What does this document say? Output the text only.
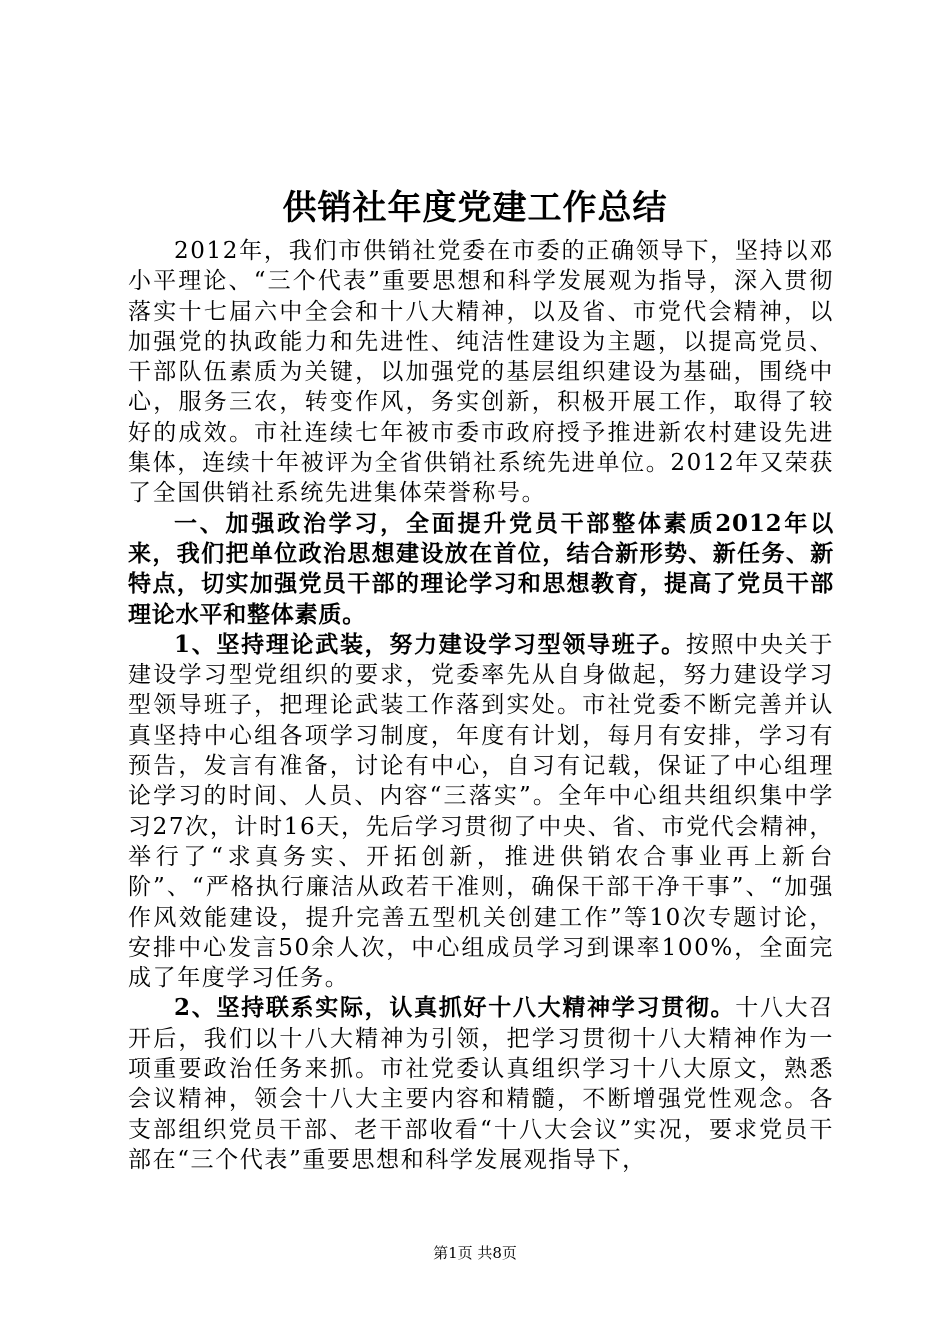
供销社年度党建工作总结

2012年，我们市供销社党委在市委的正确领导下，坚持以邓小平理论、“三个代表”重要思想和科学发展观为指导，深入贯彻落实十七届六中全会和十八大精神，以及省、市党代会精神，以加强党的执政能力和先进性、纯洁性建设为主题，以提高党员、干部队伍素质为关键，以加强党的基层组织建设为基础，围绕中心，服务三农，转变作风，务实创新，积极开展工作，取得了较好的成效。市社连续七年被市委市政府授予推进新农村建设先进集体，连续十年被评为全省供销社系统先进单位。2012年又荣获了全国供销社系统先进集体荣誉称号。

一、加强政治学习，全面提升党员干部整体素质2012年以来，我们把单位政治思想建设放在首位，结合新形势、新任务、新特点，切实加强党员干部的理论学习和思想教育，提高了党员干部理论水平和整体素质。

1、坚持理论武装，努力建设学习型领导班子。按照中央关于建设学习型党组织的要求，党委率先从自身做起，努力建设学习型领导班子，把理论武装工作落到实处。市社党委不断完善并认真坚持中心组各项学习制度，年度有计划，每月有安排，学习有预告，发言有准备，讨论有中心，自习有记载，保证了中心组理论学习的时间、人员、内容“三落实”。全年中心组共组织集中学习27次，计时16天，先后学习贯彻了中央、省、市党代会精神，举行了“求真务实、开拓创新，推进供销农合事业再上新台阶”、“严格执行廉洁从政若干准则，确保干部干净干事”、“加强作风效能建设，提升完善五型机关创建工作”等10次专题讨论，安排中心发言50余人次，中心组成员学习到课率100%，全面完成了年度学习任务。

2、坚持联系实际，认真抓好十八大精神学习贯彻。十八大召开后，我们以十八大精神为引领，把学习贯彻十八大精神作为一项重要政治任务来抓。市社党委认真组织学习十八大原文，熟悉会议精神，领会十八大主要内容和精髓，不断增强党性观念。各支部组织党员干部、老干部收看“十八大会议”实况，要求党员干部在“三个代表”重要思想和科学发展观指导下，

第1页 共8页
